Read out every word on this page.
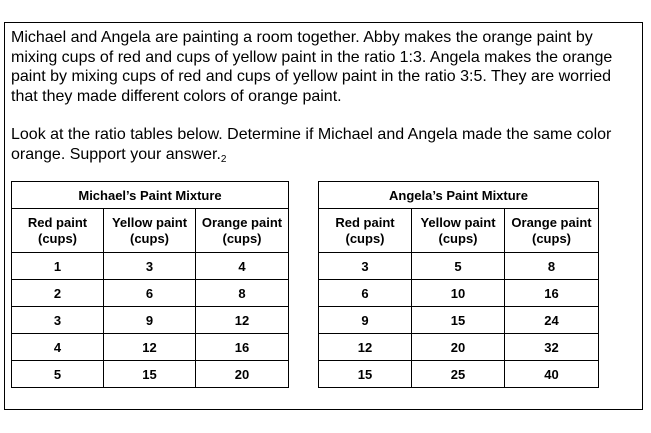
Michael and Angela are painting a room together. Abby makes the orange paint by mixing cups of red and cups of yellow paint in the ratio 1:3. Angela makes the orange paint by mixing cups of red and cups of yellow paint in the ratio 3:5. They are worried that they made different colors of orange paint.

Look at the ratio tables below. Determine if Michael and Angela made the same color orange. Support your $answer._2$

Michael’s Paint Mixture		
Red paint (cups)	Yellow paint (cups)	Orange paint (cups)
1	3	4
2	6	8
3	9	12
4	12	16
5	15	20
Angela’s Paint Mixture		
Red paint (cups)	Yellow paint (cups)	Orange paint (cups)
3	5	8
6	10	16
9	15	24
12	20	32
15	25	40
